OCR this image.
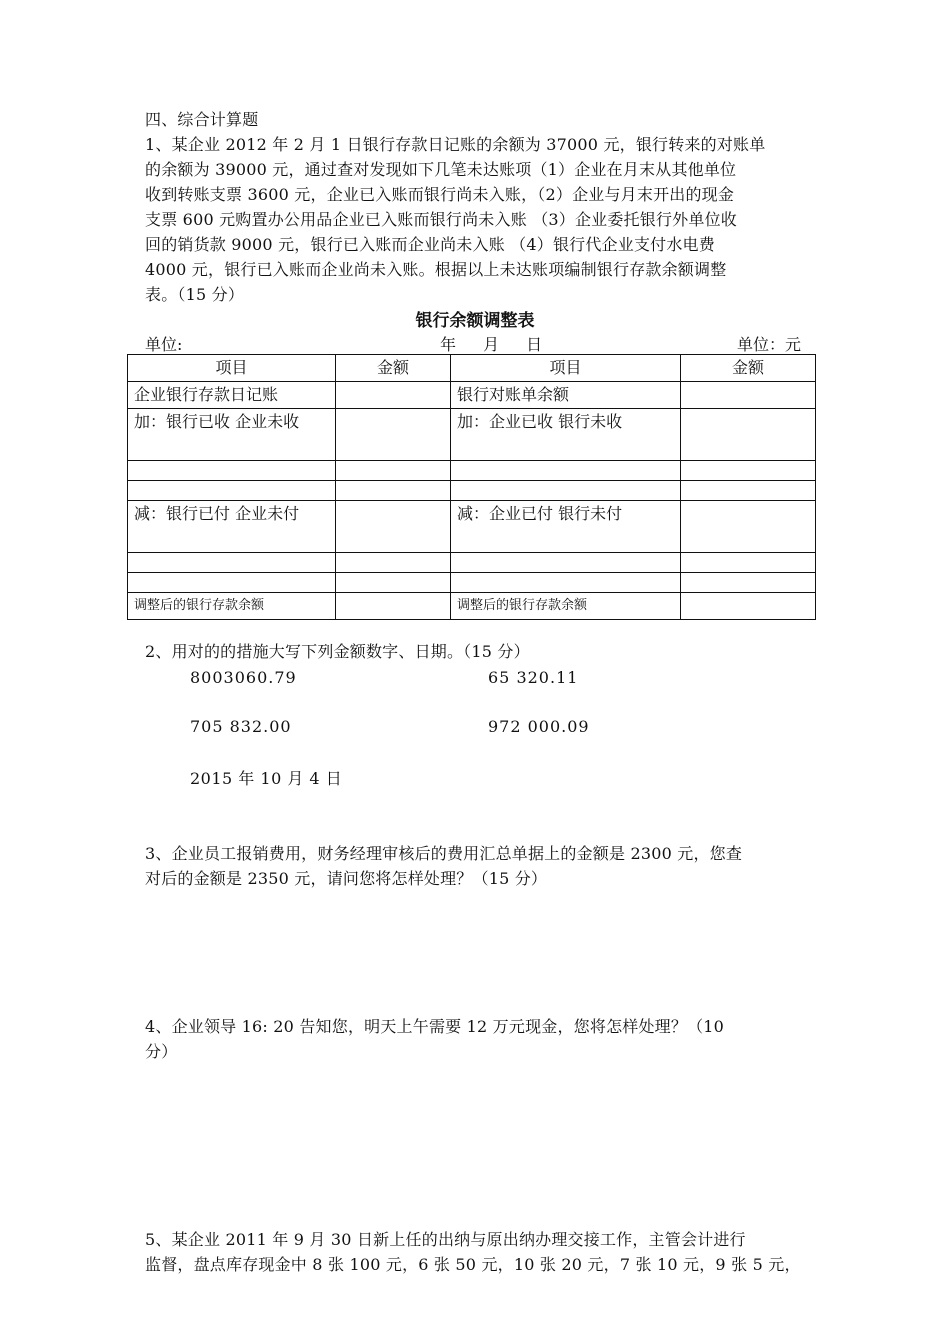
四、综合计算题
1、某企业 2012 年 2 月 1 日银行存款日记账的余额为 37000 元，银行转来的对账单
的余额为 39000 元，通过查对发现如下几笔未达账项（1）企业在月末从其他单位
收到转账支票 3600 元，企业已入账而银行尚未入账，（2）企业与月末开出的现金
支票 600 元购置办公用品企业已入账而银行尚未入账 （3）企业委托银行外单位收
回的销货款 9000 元，银行已入账而企业尚未入账 （4）银行代企业支付水电费
4000 元，银行已入账而企业尚未入账。根据以上未达账项编制银行存款余额调整
表。（15 分）
银行余额调整表
单位:	年 月 日	单位：元
项目	金额	项目	金额
企业银行存款日记账		银行对账单余额	
加：银行已收 企业未收		加：企业已收 银行未收	

减：银行已付 企业未付		减：企业已付 银行未付	

调整后的银行存款余额		调整后的银行存款余额	
2、用对的的措施大写下列金额数字、日期。（15 分）
8003060.79	65 320.11
705 832.00	972 000.09
2015 年 10 月 4 日
3、企业员工报销费用，财务经理审核后的费用汇总单据上的金额是 2300 元，您查
对后的金额是 2350 元，请问您将怎样处理？（15 分）
4、企业领导 16: 20 告知您，明天上午需要 12 万元现金，您将怎样处理？（10
分）
5、某企业 2011 年 9 月 30 日新上任的出纳与原出纳办理交接工作，主管会计进行
监督，盘点库存现金中 8 张 100 元，6 张 50 元，10 张 20 元，7 张 10 元，9 张 5 元，
